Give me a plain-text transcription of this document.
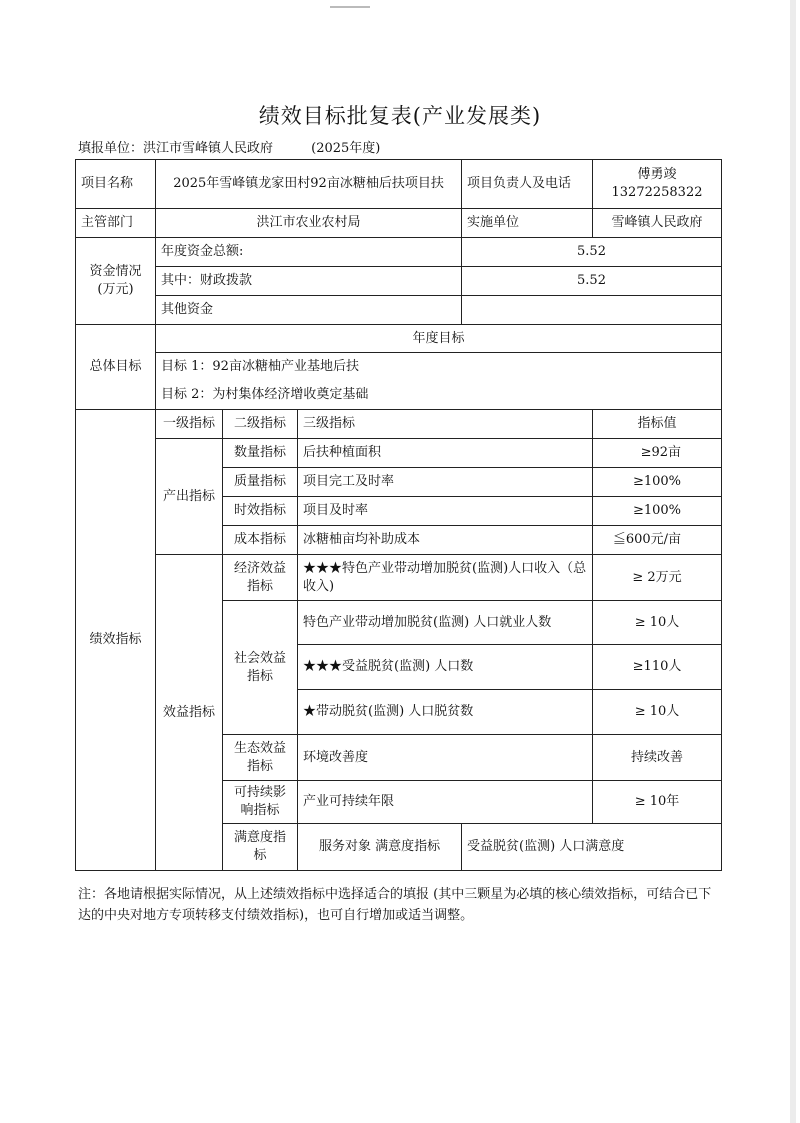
绩效目标批复表(产业发展类)
填报单位：洪江市雪峰镇人民政府	(2025年度)
项目名称	2025年雪峰镇龙家田村92亩冰糖柚后扶项目扶			项目负责人及电话	傅勇竣13272258322	
主管部门	洪江市农业农村局			实施单位	雪峰镇人民政府	
资金情况(万元)	年度资金总额:			5.52		
	其中：财政拨款			5.52		
	其他资金					
总体目标	年度目标					
	目标 1：92亩冰糖柚产业基地后扶					
	目标 2：为村集体经济增收奠定基础					
绩效指标	一级指标	二级指标	三级指标		指标值	
	产出指标	数量指标	后扶种植面积		≥92亩	
		质量指标	项目完工及时率		≥100%	
		时效指标	项目及时率		≥100%	
		成本指标	冰糖柚亩均补助成本		≦600元/亩	
	效益指标	经济效益指标	★★★特色产业带动增加脱贫(监测)人口收入（总收入)		≥ 2万元	
		社会效益指标	特色产业带动增加脱贫(监测) 人口就业人数		≥ 10人	
			★★★受益脱贫(监测) 人口数		≥110人	
			★带动脱贫(监测) 人口脱贫数		≥ 10人	
		生态效益指标	环境改善度		持续改善	
		可持续影响指标	产业可持续年限		≥ 10年	
		满意度指标	服务对象 满意度指标	受益脱贫(监测) 人口满意度	
注：各地请根据实际情况，从上述绩效指标中选择适合的填报 (其中三颗星为必填的核心绩效指标，可结合已下达的中央对地方专项转移支付绩效指标)，也可自行增加或适当调整。
